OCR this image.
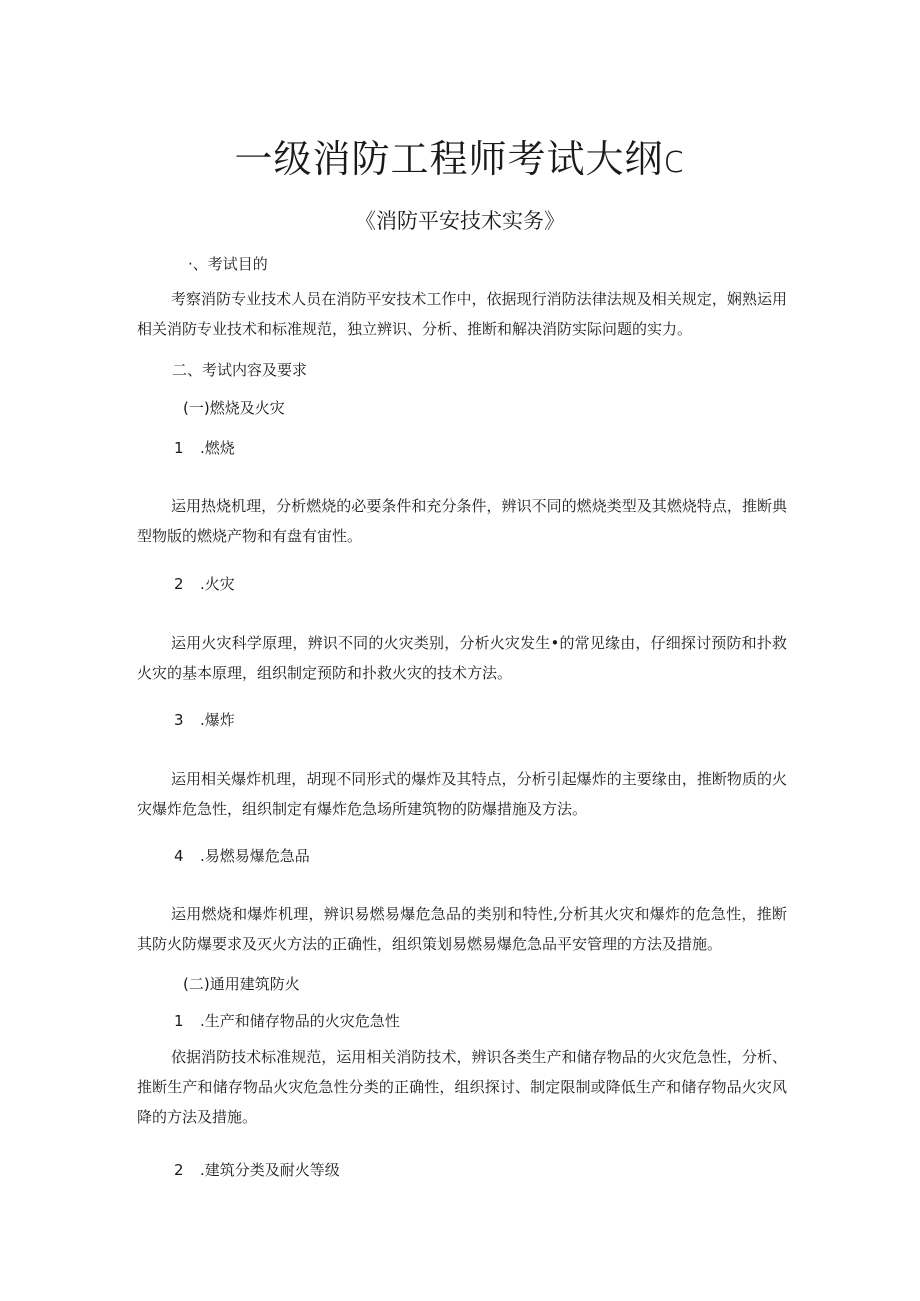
一级消防工程师考试大纲c
《消防平安技术实务》
·、考试目的
考察消防专业技术人员在消防平安技术工作中，依据现行消防法律法规及相关规定，娴熟运用相关消防专业技术和标准规范，独立辨识、分析、推断和解决消防实际问题的实力。
二、考试内容及要求
(一)燃烧及火灾
1 .燃烧
运用热烧机理，分析燃烧的必要条件和充分条件，辨识不同的燃烧类型及其燃烧特点，推断典型物版的燃烧产物和有盘有宙性。
2 .火灾
运用火灾科学原理，辨识不同的火灾类别，分析火灾发生•的常见缘由，仔细探讨预防和扑救火灾的基本原理，组织制定预防和扑救火灾的技术方法。
3 .爆炸
运用相关爆炸机理，胡现不同形式的爆炸及其特点，分析引起爆炸的主要缘由，推断物质的火灾爆炸危急性，组织制定有爆炸危急场所建筑物的防爆措施及方法。
4 .易燃易爆危急品
运用燃烧和爆炸机理，辨识易燃易爆危急品的类别和特性,分析其火灾和爆炸的危急性，推断其防火防爆要求及灭火方法的正确性，组织策划易燃易爆危急品平安管理的方法及措施。
(二)通用建筑防火
1 .生产和储存物品的火灾危急性
依据消防技术标准规范，运用相关消防技术，辨识各类生产和储存物品的火灾危急性，分析、推断生产和储存物品火灾危急性分类的正确性，组织探讨、制定限制或降低生产和储存物品火灾风降的方法及措施。
2 .建筑分类及耐火等级
